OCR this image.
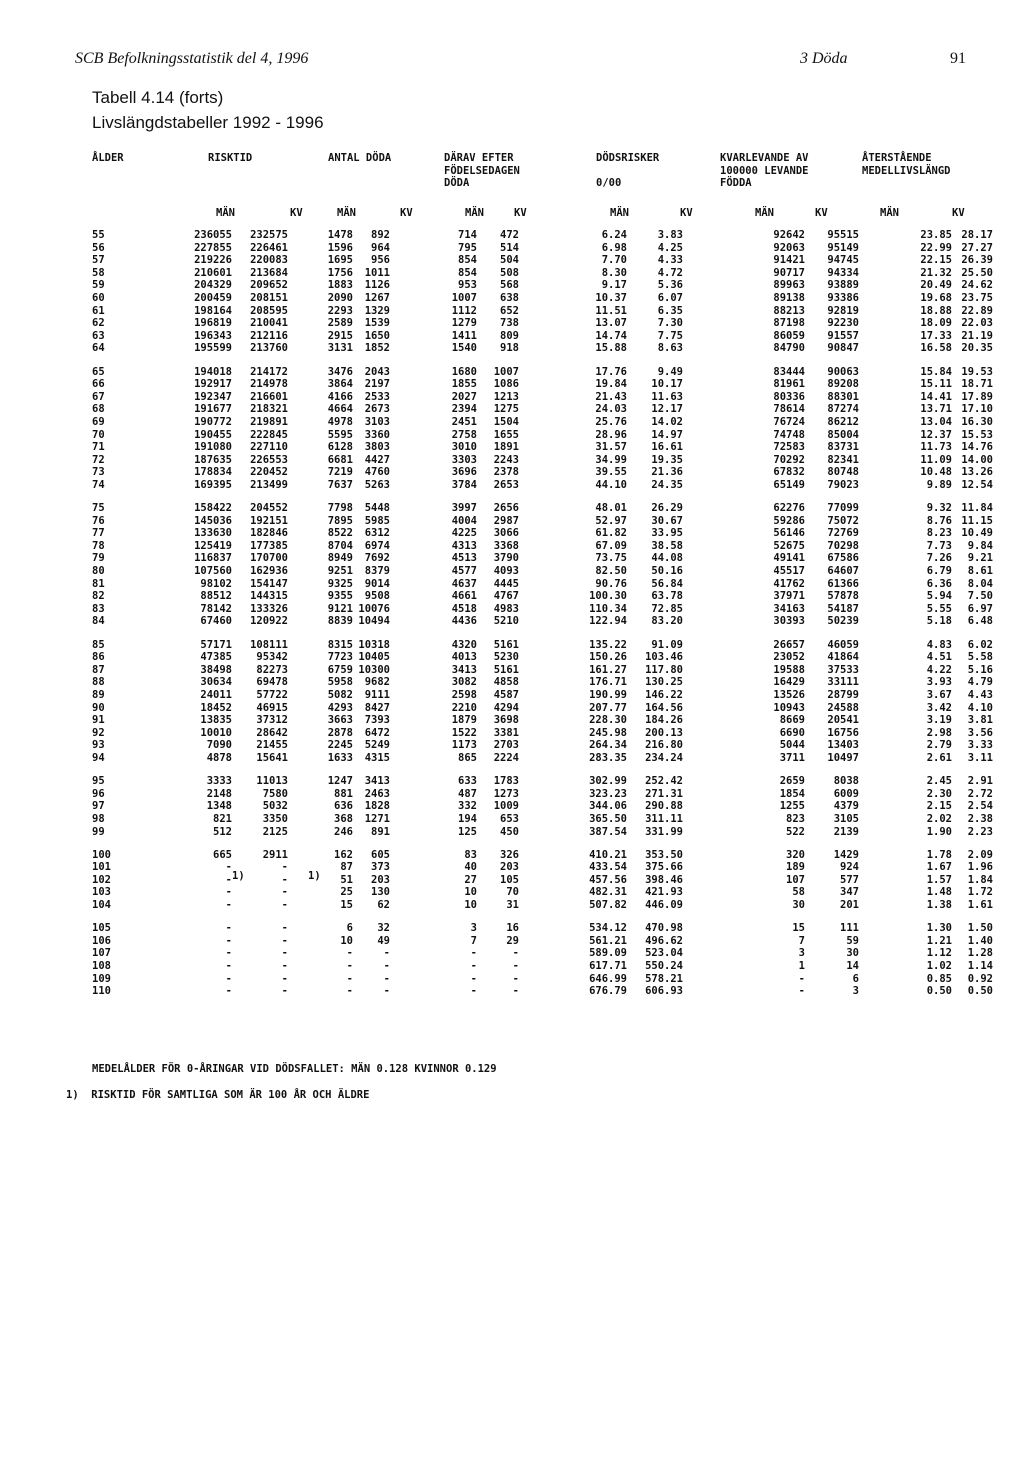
SCB Befolkningsstatistik del 4, 1996	3 Döda	91
Tabell 4.14 (forts)
Livslängdstabeller 1992 - 1996
ÅLDER	RISKTID	ANTAL DÖDA	DÄRAV EFTER
FÖDELSEDAGEN
DÖDA
DÖDSRISKER

0/00
KVARLEVANDE AV
100000 LEVANDE
FÖDDA
ÅTERSTÅENDE
MEDELLIVSLÄNGD
MÄN	KV	MÄN	KV	MÄN	KV	MÄN	KV	MÄN	KV	MÄN	KV
55	236055	232575	1478	892	714	472	6.24	3.83	92642	95515	23.85	28.17
56	227855	226461	1596	964	795	514	6.98	4.25	92063	95149	22.99	27.27
57	219226	220083	1695	956	854	504	7.70	4.33	91421	94745	22.15	26.39
58	210601	213684	1756	1011	854	508	8.30	4.72	90717	94334	21.32	25.50
59	204329	209652	1883	1126	953	568	9.17	5.36	89963	93889	20.49	24.62
60	200459	208151	2090	1267	1007	638	10.37	6.07	89138	93386	19.68	23.75
61	198164	208595	2293	1329	1112	652	11.51	6.35	88213	92819	18.88	22.89
62	196819	210041	2589	1539	1279	738	13.07	7.30	87198	92230	18.09	22.03
63	196343	212116	2915	1650	1411	809	14.74	7.75	86059	91557	17.33	21.19
64	195599	213760	3131	1852	1540	918	15.88	8.63	84790	90847	16.58	20.35

65	194018	214172	3476	2043	1680	1007	17.76	9.49	83444	90063	15.84	19.53
66	192917	214978	3864	2197	1855	1086	19.84	10.17	81961	89208	15.11	18.71
67	192347	216601	4166	2533	2027	1213	21.43	11.63	80336	88301	14.41	17.89
68	191677	218321	4664	2673	2394	1275	24.03	12.17	78614	87274	13.71	17.10
69	190772	219891	4978	3103	2451	1504	25.76	14.02	76724	86212	13.04	16.30
70	190455	222845	5595	3360	2758	1655	28.96	14.97	74748	85004	12.37	15.53
71	191080	227110	6128	3803	3010	1891	31.57	16.61	72583	83731	11.73	14.76
72	187635	226553	6681	4427	3303	2243	34.99	19.35	70292	82341	11.09	14.00
73	178834	220452	7219	4760	3696	2378	39.55	21.36	67832	80748	10.48	13.26
74	169395	213499	7637	5263	3784	2653	44.10	24.35	65149	79023	9.89	12.54

75	158422	204552	7798	5448	3997	2656	48.01	26.29	62276	77099	9.32	11.84
76	145036	192151	7895	5985	4004	2987	52.97	30.67	59286	75072	8.76	11.15
77	133630	182846	8522	6312	4225	3066	61.82	33.95	56146	72769	8.23	10.49
78	125419	177385	8704	6974	4313	3368	67.09	38.58	52675	70298	7.73	9.84
79	116837	170700	8949	7692	4513	3790	73.75	44.08	49141	67586	7.26	9.21
80	107560	162936	9251	8379	4577	4093	82.50	50.16	45517	64607	6.79	8.61
81	98102	154147	9325	9014	4637	4445	90.76	56.84	41762	61366	6.36	8.04
82	88512	144315	9355	9508	4661	4767	100.30	63.78	37971	57878	5.94	7.50
83	78142	133326	9121	10076	4518	4983	110.34	72.85	34163	54187	5.55	6.97
84	67460	120922	8839	10494	4436	5210	122.94	83.20	30393	50239	5.18	6.48

85	57171	108111	8315	10318	4320	5161	135.22	91.09	26657	46059	4.83	6.02
86	47385	95342	7723	10405	4013	5230	150.26	103.46	23052	41864	4.51	5.58
87	38498	82273	6759	10300	3413	5161	161.27	117.80	19588	37533	4.22	5.16
88	30634	69478	5958	9682	3082	4858	176.71	130.25	16429	33111	3.93	4.79
89	24011	57722	5082	9111	2598	4587	190.99	146.22	13526	28799	3.67	4.43
90	18452	46915	4293	8427	2210	4294	207.77	164.56	10943	24588	3.42	4.10
91	13835	37312	3663	7393	1879	3698	228.30	184.26	8669	20541	3.19	3.81
92	10010	28642	2878	6472	1522	3381	245.98	200.13	6690	16756	2.98	3.56
93	7090	21455	2245	5249	1173	2703	264.34	216.80	5044	13403	2.79	3.33
94	4878	15641	1633	4315	865	2224	283.35	234.24	3711	10497	2.61	3.11

95	3333	11013	1247	3413	633	1783	302.99	252.42	2659	8038	2.45	2.91
96	2148	7580	881	2463	487	1273	323.23	271.31	1854	6009	2.30	2.72
97	1348	5032	636	1828	332	1009	344.06	290.88	1255	4379	2.15	2.54
98	821	3350	368	1271	194	653	365.50	311.11	823	3105	2.02	2.38
99	512	2125	246	891	125	450	387.54	331.99	522	2139	1.90	2.23

100	665	2911	162	605	83	326	410.21	353.50	320	1429	1.78	2.09
101	-	-	87	373	40	203	433.54	375.66	189	924	1.67	1.96
102	-	-	51	203	27	105	457.56	398.46	107	577	1.57	1.84
103	-	-	25	130	10	70	482.31	421.93	58	347	1.48	1.72
104	-	-	15	62	10	31	507.82	446.09	30	201	1.38	1.61

105	-	-	6	32	3	16	534.12	470.98	15	111	1.30	1.50
106	-	-	10	49	7	29	561.21	496.62	7	59	1.21	1.40
107	-	-	-	-	-	-	589.09	523.04	3	30	1.12	1.28
108	-	-	-	-	-	-	617.71	550.24	1	14	1.02	1.14
109	-	-	-	-	-	-	646.99	578.21	-	6	0.85	0.92
110	-	-	-	-	-	-	676.79	606.93	-	3	0.50	0.50
1)	1)
MEDELÅLDER FÖR 0-ÅRINGAR VID DÖDSFALLET: MÄN 0.128 KVINNOR 0.129
1)  RISKTID FÖR SAMTLIGA SOM ÄR 100 ÅR OCH ÄLDRE
